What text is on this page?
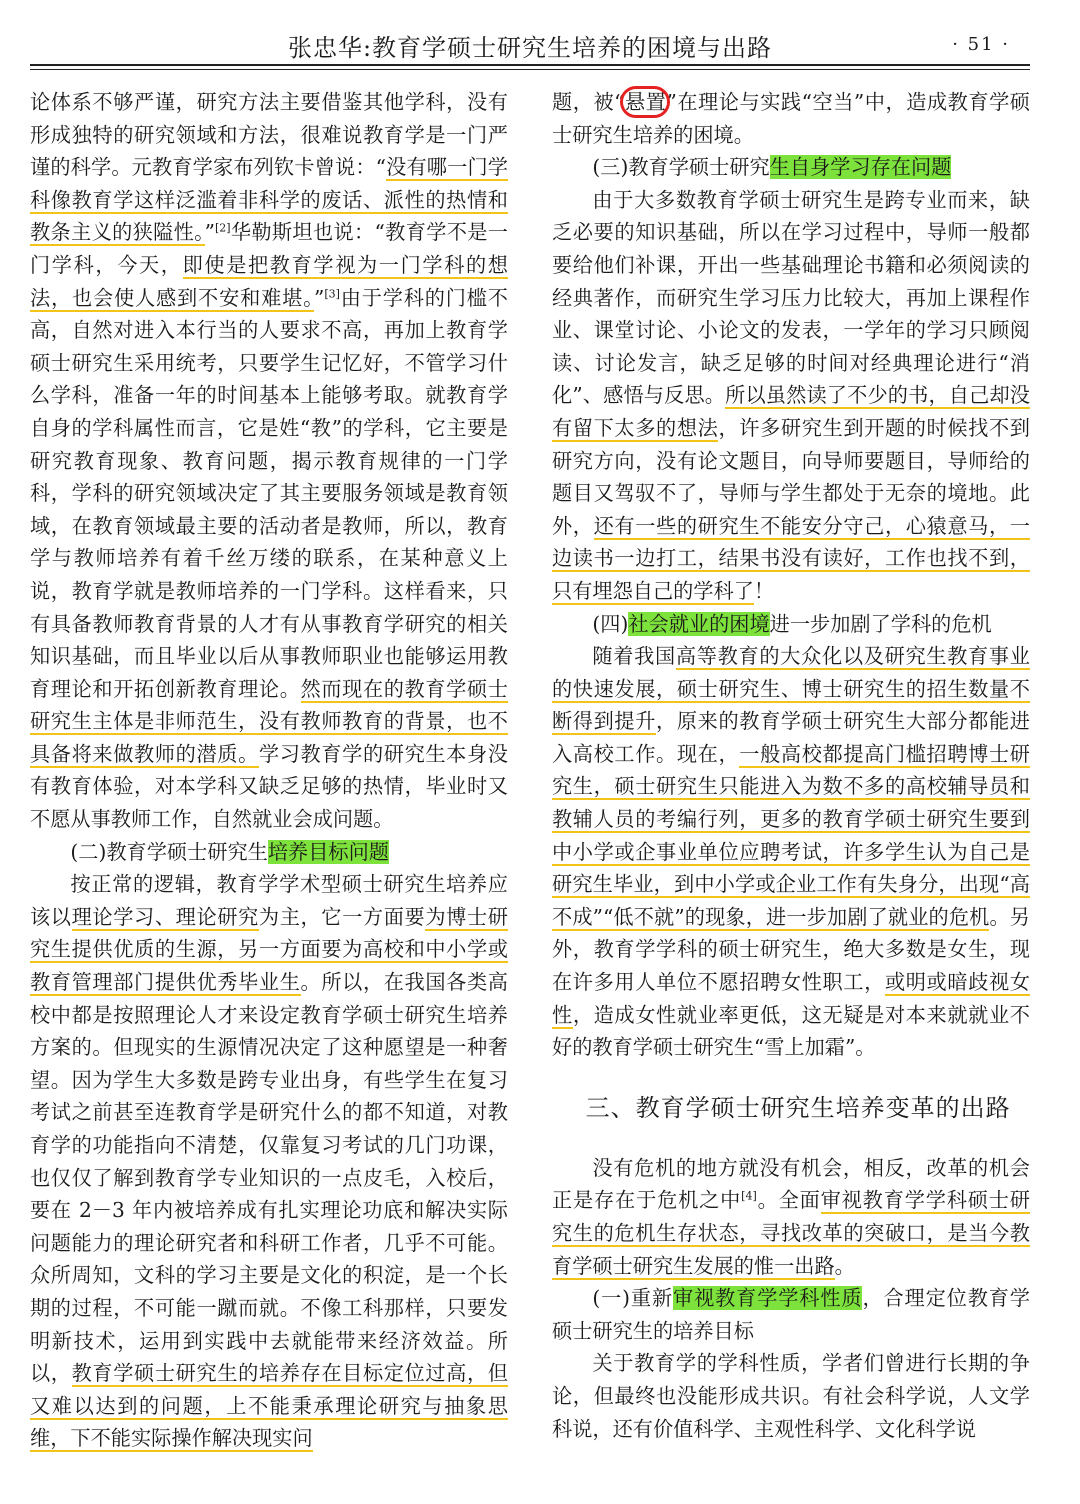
张忠华:教育学硕士研究生培养的困境与出路	· 51 ·

论体系不够严谨，研究方法主要借鉴其他学科，没有形成独特的研究领域和方法，很难说教育学是一门严谨的科学。元教育学家布列钦卡曾说：“没有哪一门学科像教育学这样泛滥着非科学的废话、派性的热情和教条主义的狭隘性。”[2]华勒斯坦也说：“教育学不是一门学科，今天，即使是把教育学视为一门学科的想法，也会使人感到不安和难堪。”[3]由于学科的门槛不高，自然对进入本行当的人要求不高，再加上教育学硕士研究生采用统考，只要学生记忆好，不管学习什么学科，准备一年的时间基本上能够考取。就教育学自身的学科属性而言，它是姓“教”的学科，它主要是研究教育现象、教育问题，揭示教育规律的一门学科，学科的研究领域决定了其主要服务领域是教育领域，在教育领域最主要的活动者是教师，所以，教育学与教师培养有着千丝万缕的联系，在某种意义上说，教育学就是教师培养的一门学科。这样看来，只有具备教师教育背景的人才有从事教育学研究的相关知识基础，而且毕业以后从事教师职业也能够运用教育理论和开拓创新教育理论。然而现在的教育学硕士研究生主体是非师范生，没有教师教育的背景，也不具备将来做教师的潜质。学习教育学的研究生本身没有教育体验，对本学科又缺乏足够的热情，毕业时又不愿从事教师工作，自然就业会成问题。

(二)教育学硕士研究生培养目标问题

按正常的逻辑，教育学学术型硕士研究生培养应该以理论学习、理论研究为主，它一方面要为博士研究生提供优质的生源，另一方面要为高校和中小学或教育管理部门提供优秀毕业生。所以，在我国各类高校中都是按照理论人才来设定教育学硕士研究生培养方案的。但现实的生源情况决定了这种愿望是一种奢望。因为学生大多数是跨专业出身，有些学生在复习考试之前甚至连教育学是研究什么的都不知道，对教育学的功能指向不清楚，仅靠复习考试的几门功课，也仅仅了解到教育学专业知识的一点皮毛，入校后，要在 2－3 年内被培养成有扎实理论功底和解决实际问题能力的理论研究者和科研工作者，几乎不可能。众所周知，文科的学习主要是文化的积淀，是一个长期的过程，不可能一蹴而就。不像工科那样，只要发明新技术，运用到实践中去就能带来经济效益。所以，教育学硕士研究生的培养存在目标定位过高，但又难以达到的问题，上不能秉承理论研究与抽象思维，下不能实际操作解决现实问

题，被“悬置”在理论与实践“空当”中，造成教育学硕士研究生培养的困境。

(三)教育学硕士研究生自身学习存在问题

由于大多数教育学硕士研究生是跨专业而来，缺乏必要的知识基础，所以在学习过程中，导师一般都要给他们补课，开出一些基础理论书籍和必须阅读的经典著作，而研究生学习压力比较大，再加上课程作业、课堂讨论、小论文的发表，一学年的学习只顾阅读、讨论发言，缺乏足够的时间对经典理论进行“消化”、感悟与反思。所以虽然读了不少的书，自己却没有留下太多的想法，许多研究生到开题的时候找不到研究方向，没有论文题目，向导师要题目，导师给的题目又驾驭不了，导师与学生都处于无奈的境地。此外，还有一些的研究生不能安分守己，心猿意马，一边读书一边打工，结果书没有读好，工作也找不到，只有埋怨自己的学科了！

(四)社会就业的困境进一步加剧了学科的危机

随着我国高等教育的大众化以及研究生教育事业的快速发展，硕士研究生、博士研究生的招生数量不断得到提升，原来的教育学硕士研究生大部分都能进入高校工作。现在，一般高校都提高门槛招聘博士研究生，硕士研究生只能进入为数不多的高校辅导员和教辅人员的考编行列，更多的教育学硕士研究生要到中小学或企事业单位应聘考试，许多学生认为自己是研究生毕业，到中小学或企业工作有失身分，出现“高不成”“低不就”的现象，进一步加剧了就业的危机。另外，教育学学科的硕士研究生，绝大多数是女生，现在许多用人单位不愿招聘女性职工，或明或暗歧视女性，造成女性就业率更低，这无疑是对本来就就业不好的教育学硕士研究生“雪上加霜”。

三、教育学硕士研究生培养变革的出路

没有危机的地方就没有机会，相反，改革的机会正是存在于危机之中[4]。全面审视教育学学科硕士研究生的危机生存状态，寻找改革的突破口，是当今教育学硕士研究生发展的惟一出路。

(一)重新审视教育学学科性质，合理定位教育学硕士研究生的培养目标

关于教育学的学科性质，学者们曾进行长期的争论，但最终也没能形成共识。有社会科学说，人文学科说，还有价值科学、主观性科学、文化科学说
